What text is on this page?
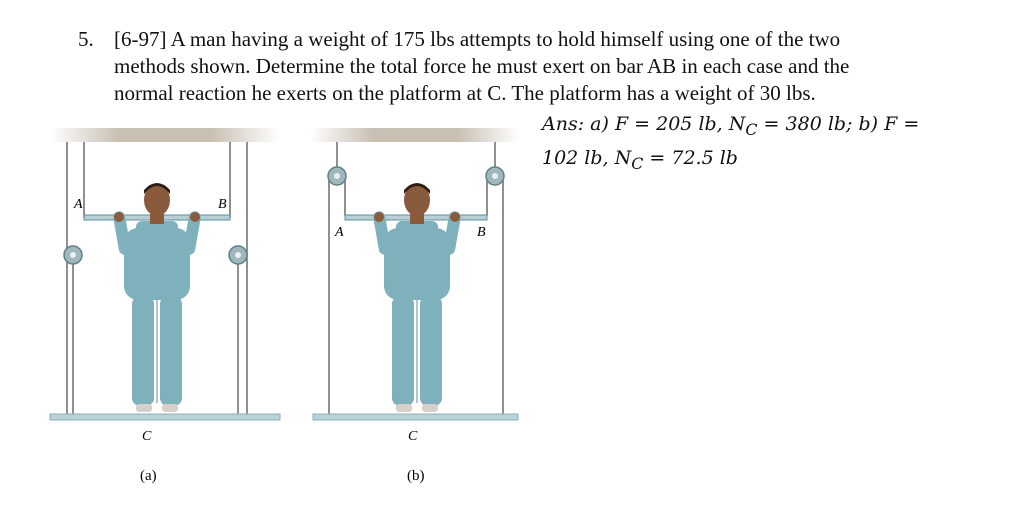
5. [6-97] A man having a weight of 175 lbs attempts to hold himself using one of the two
methods shown. Determine the total force he must exert on bar AB in each case and the
normal reaction he exerts on the platform at C. The platform has a weight of 30 lbs.
Ans: a) F = 205 lb, $N_C = 380$ lb; b) F =
102 lb, $N_C = 72.5$ lb
A	B
C
(a)
A	B
C
(b)
